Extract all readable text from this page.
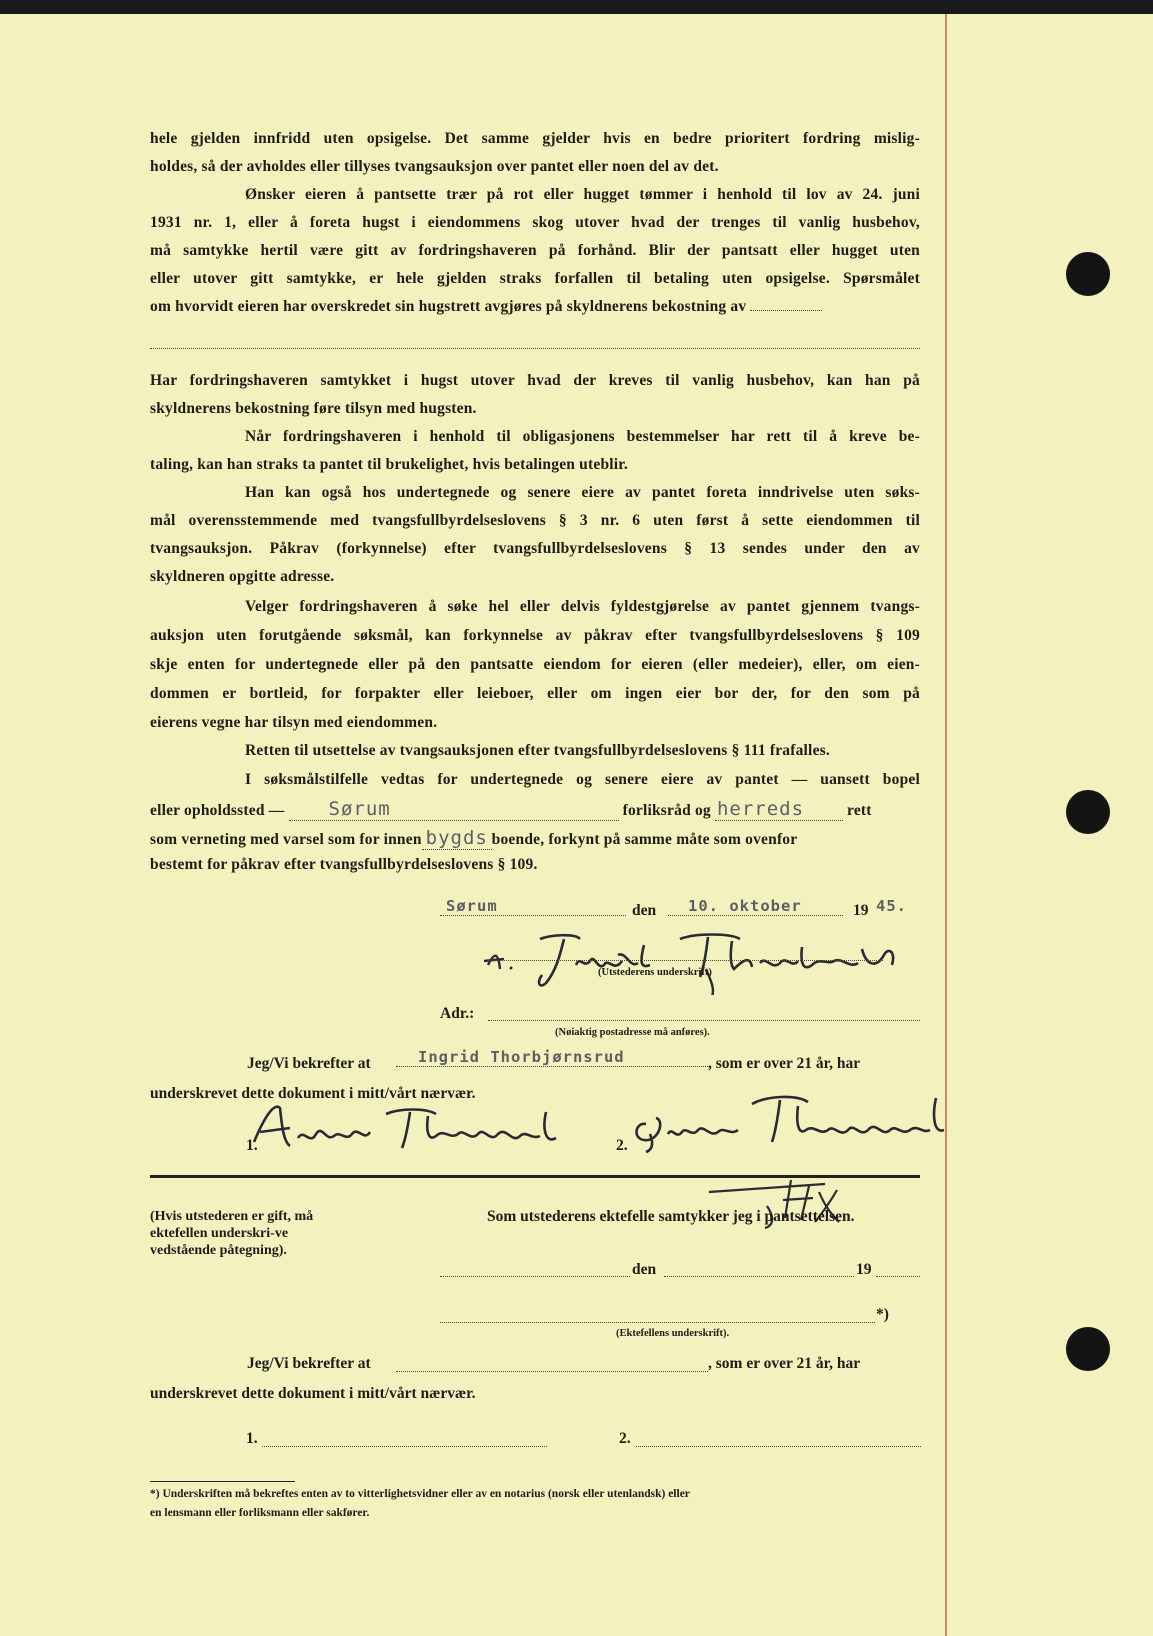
hele gjelden innfridd uten opsigelse. Det samme gjelder hvis en bedre prioritert fordring mislig-
holdes, så der avholdes eller tillyses tvangsauksjon over pantet eller noen del av det.
Ønsker eieren å pantsette trær på rot eller hugget tømmer i henhold til lov av 24. juni
1931 nr. 1, eller å foreta hugst i eiendommens skog utover hvad der trenges til vanlig husbehov,
må samtykke hertil være gitt av fordringshaveren på forhånd. Blir der pantsatt eller hugget uten
eller utover gitt samtykke, er hele gjelden straks forfallen til betaling uten opsigelse. Spørsmålet
om hvorvidt eieren har overskredet sin hugstrett avgjøres på skyldnerens bekostning av
Har fordringshaveren samtykket i hugst utover hvad der kreves til vanlig husbehov, kan han på
skyldnerens bekostning føre tilsyn med hugsten.
Når fordringshaveren i henhold til obligasjonens bestemmelser har rett til å kreve be-
taling, kan han straks ta pantet til brukelighet, hvis betalingen uteblir.
Han kan også hos undertegnede og senere eiere av pantet foreta inndrivelse uten søks-
mål overensstemmende med tvangsfullbyrdelseslovens § 3 nr. 6 uten først å sette eiendommen til
tvangsauksjon. Påkrav (forkynnelse) efter tvangsfullbyrdelseslovens § 13 sendes under den av
skyldneren opgitte adresse.
Velger fordringshaveren å søke hel eller delvis fyldestgjørelse av pantet gjennem tvangs-
auksjon uten forutgående søksmål, kan forkynnelse av påkrav efter tvangsfullbyrdelseslovens § 109
skje enten for undertegnede eller på den pantsatte eiendom for eieren (eller medeier), eller, om eien-
dommen er bortleid, for forpakter eller leieboer, eller om ingen eier bor der, for den som på
eierens vegne har tilsyn med eiendommen.
Retten til utsettelse av tvangsauksjonen efter tvangsfullbyrdelseslovens § 111 frafalles.
I søksmålstilfelle vedtas for undertegnede og senere eiere av pantet — uansett bopel
eller opholdssted — Sørum	forliksråd og herreds	rett
som verneting med varsel som for innen bygds boende, forkynt på samme måte som ovenfor
bestemt for påkrav efter tvangsfullbyrdelseslovens § 109.
Sørum	den	10. oktober	19 45.
(Utstederens underskrift)
Adr.:
(Nøiaktig postadresse må anføres).
Jeg/Vi bekrefter at	Ingrid Thorbjørnsrud	, som er over 21 år, har
underskrevet dette dokument i mitt/vårt nærvær.
1.	2.
(Hvis utstederen er gift, må ektefellen underskri-ve vedstående påtegning).
Som utstederens ektefelle samtykker jeg i pantsettelsen.
den	19
*)
(Ektefellens underskrift).
Jeg/Vi bekrefter at	, som er over 21 år, har
underskrevet dette dokument i mitt/vårt nærvær.
1.	2.
*) Underskriften må bekreftes enten av to vitterlighetsvidner eller av en notarius (norsk eller utenlandsk) eller
en lensmann eller forliksmann eller sakfører.
